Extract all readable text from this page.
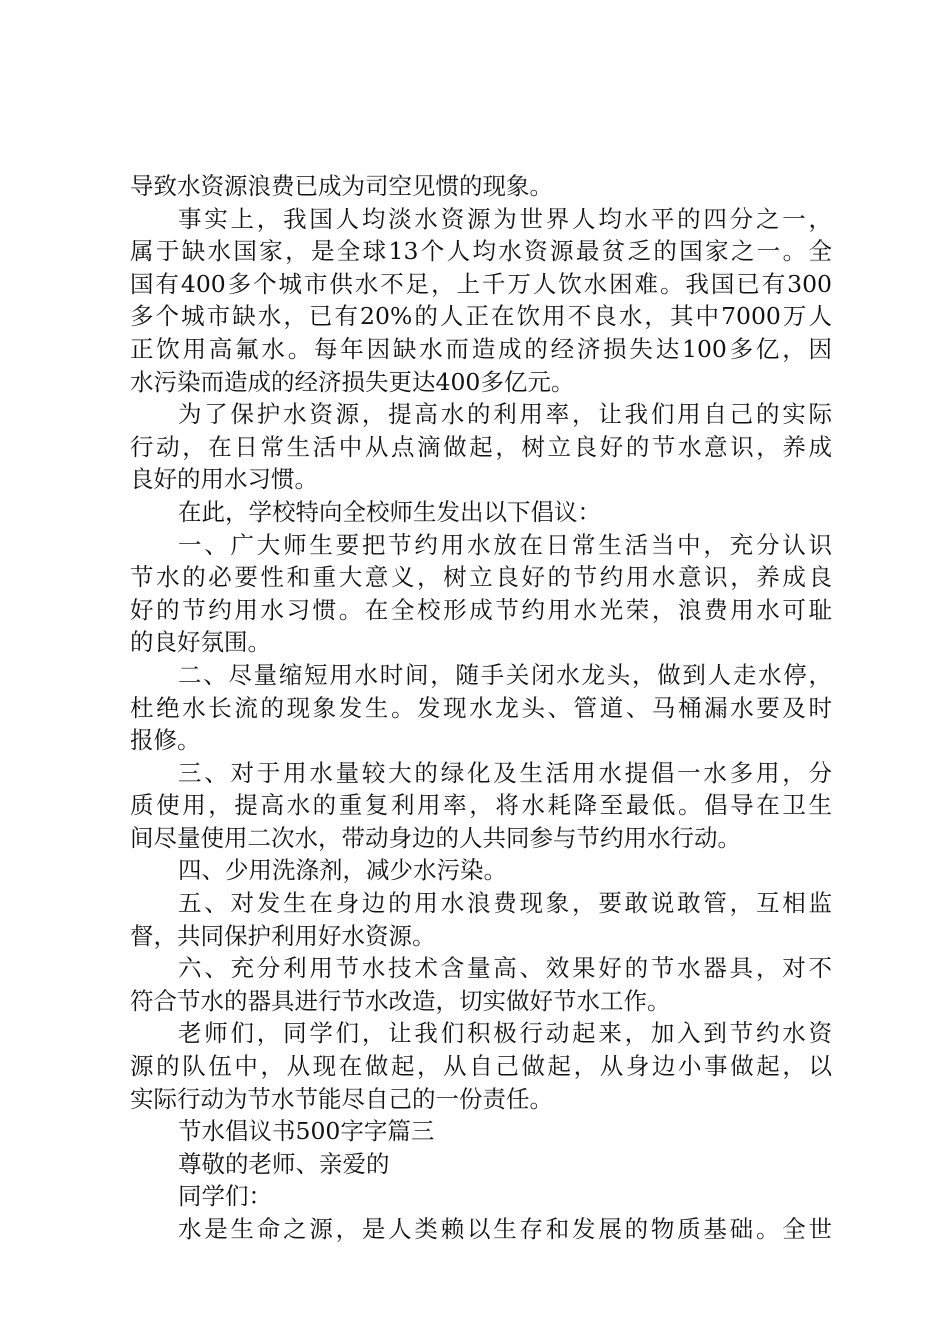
导致水资源浪费已成为司空见惯的现象。
事实上，我国人均淡水资源为世界人均水平的四分之一，
属于缺水国家，是全球13个人均水资源最贫乏的国家之一。全
国有400多个城市供水不足，上千万人饮水困难。我国已有300
多个城市缺水，已有20%的人正在饮用不良水，其中7000万人
正饮用高氟水。每年因缺水而造成的经济损失达100多亿，因
水污染而造成的经济损失更达400多亿元。
为了保护水资源，提高水的利用率，让我们用自己的实际
行动，在日常生活中从点滴做起，树立良好的节水意识，养成
良好的用水习惯。
在此，学校特向全校师生发出以下倡议：
一、广大师生要把节约用水放在日常生活当中，充分认识
节水的必要性和重大意义，树立良好的节约用水意识，养成良
好的节约用水习惯。在全校形成节约用水光荣，浪费用水可耻
的良好氛围。
二、尽量缩短用水时间，随手关闭水龙头，做到人走水停，
杜绝水长流的现象发生。发现水龙头、管道、马桶漏水要及时
报修。
三、对于用水量较大的绿化及生活用水提倡一水多用，分
质使用，提高水的重复利用率，将水耗降至最低。倡导在卫生
间尽量使用二次水，带动身边的人共同参与节约用水行动。
四、少用洗涤剂，减少水污染。
五、对发生在身边的用水浪费现象，要敢说敢管，互相监
督，共同保护利用好水资源。
六、充分利用节水技术含量高、效果好的节水器具，对不
符合节水的器具进行节水改造，切实做好节水工作。
老师们，同学们，让我们积极行动起来，加入到节约水资
源的队伍中，从现在做起，从自己做起，从身边小事做起，以
实际行动为节水节能尽自己的一份责任。
节水倡议书500字字篇三
尊敬的老师、亲爱的
同学们：
水是生命之源，是人类赖以生存和发展的物质基础。全世
